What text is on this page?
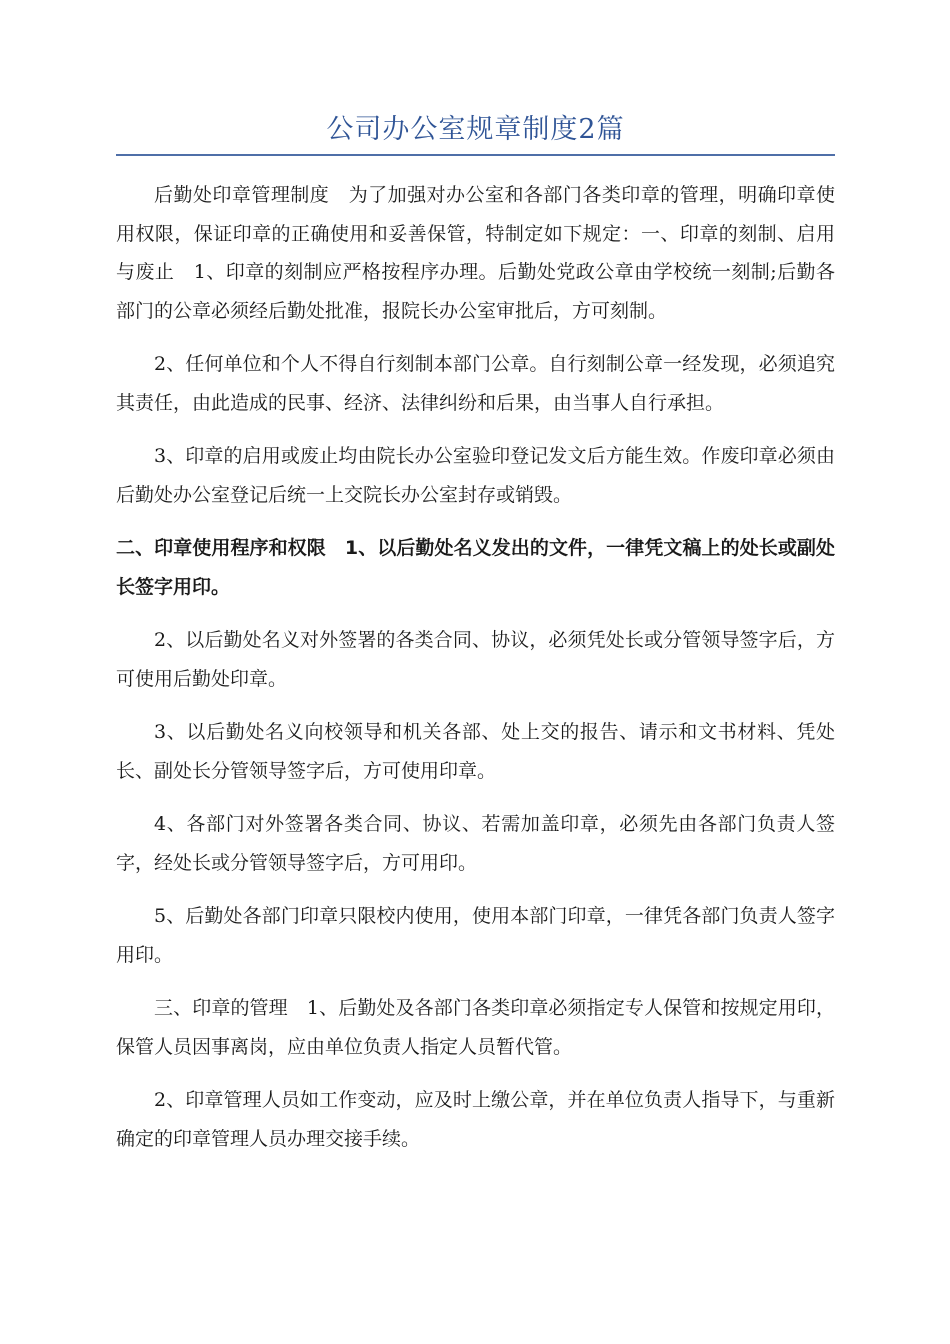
公司办公室规章制度2篇

后勤处印章管理制度　为了加强对办公室和各部门各类印章的管理，明确印章使用权限，保证印章的正确使用和妥善保管，特制定如下规定：一、印章的刻制、启用与废止　1、印章的刻制应严格按程序办理。后勤处党政公章由学校统一刻制;后勤各部门的公章必须经后勤处批准，报院长办公室审批后，方可刻制。

2、任何单位和个人不得自行刻制本部门公章。自行刻制公章一经发现，必须追究其责任，由此造成的民事、经济、法律纠纷和后果，由当事人自行承担。

3、印章的启用或废止均由院长办公室验印登记发文后方能生效。作废印章必须由后勤处办公室登记后统一上交院长办公室封存或销毁。

二、印章使用程序和权限　1、以后勤处名义发出的文件，一律凭文稿上的处长或副处长签字用印。

2、以后勤处名义对外签署的各类合同、协议，必须凭处长或分管领导签字后，方可使用后勤处印章。

3、以后勤处名义向校领导和机关各部、处上交的报告、请示和文书材料、凭处长、副处长分管领导签字后，方可使用印章。

4、各部门对外签署各类合同、协议、若需加盖印章，必须先由各部门负责人签字，经处长或分管领导签字后，方可用印。

5、后勤处各部门印章只限校内使用，使用本部门印章，一律凭各部门负责人签字用印。

三、印章的管理　1、后勤处及各部门各类印章必须指定专人保管和按规定用印，保管人员因事离岗，应由单位负责人指定人员暂代管。

2、印章管理人员如工作变动，应及时上缴公章，并在单位负责人指导下，与重新确定的印章管理人员办理交接手续。
